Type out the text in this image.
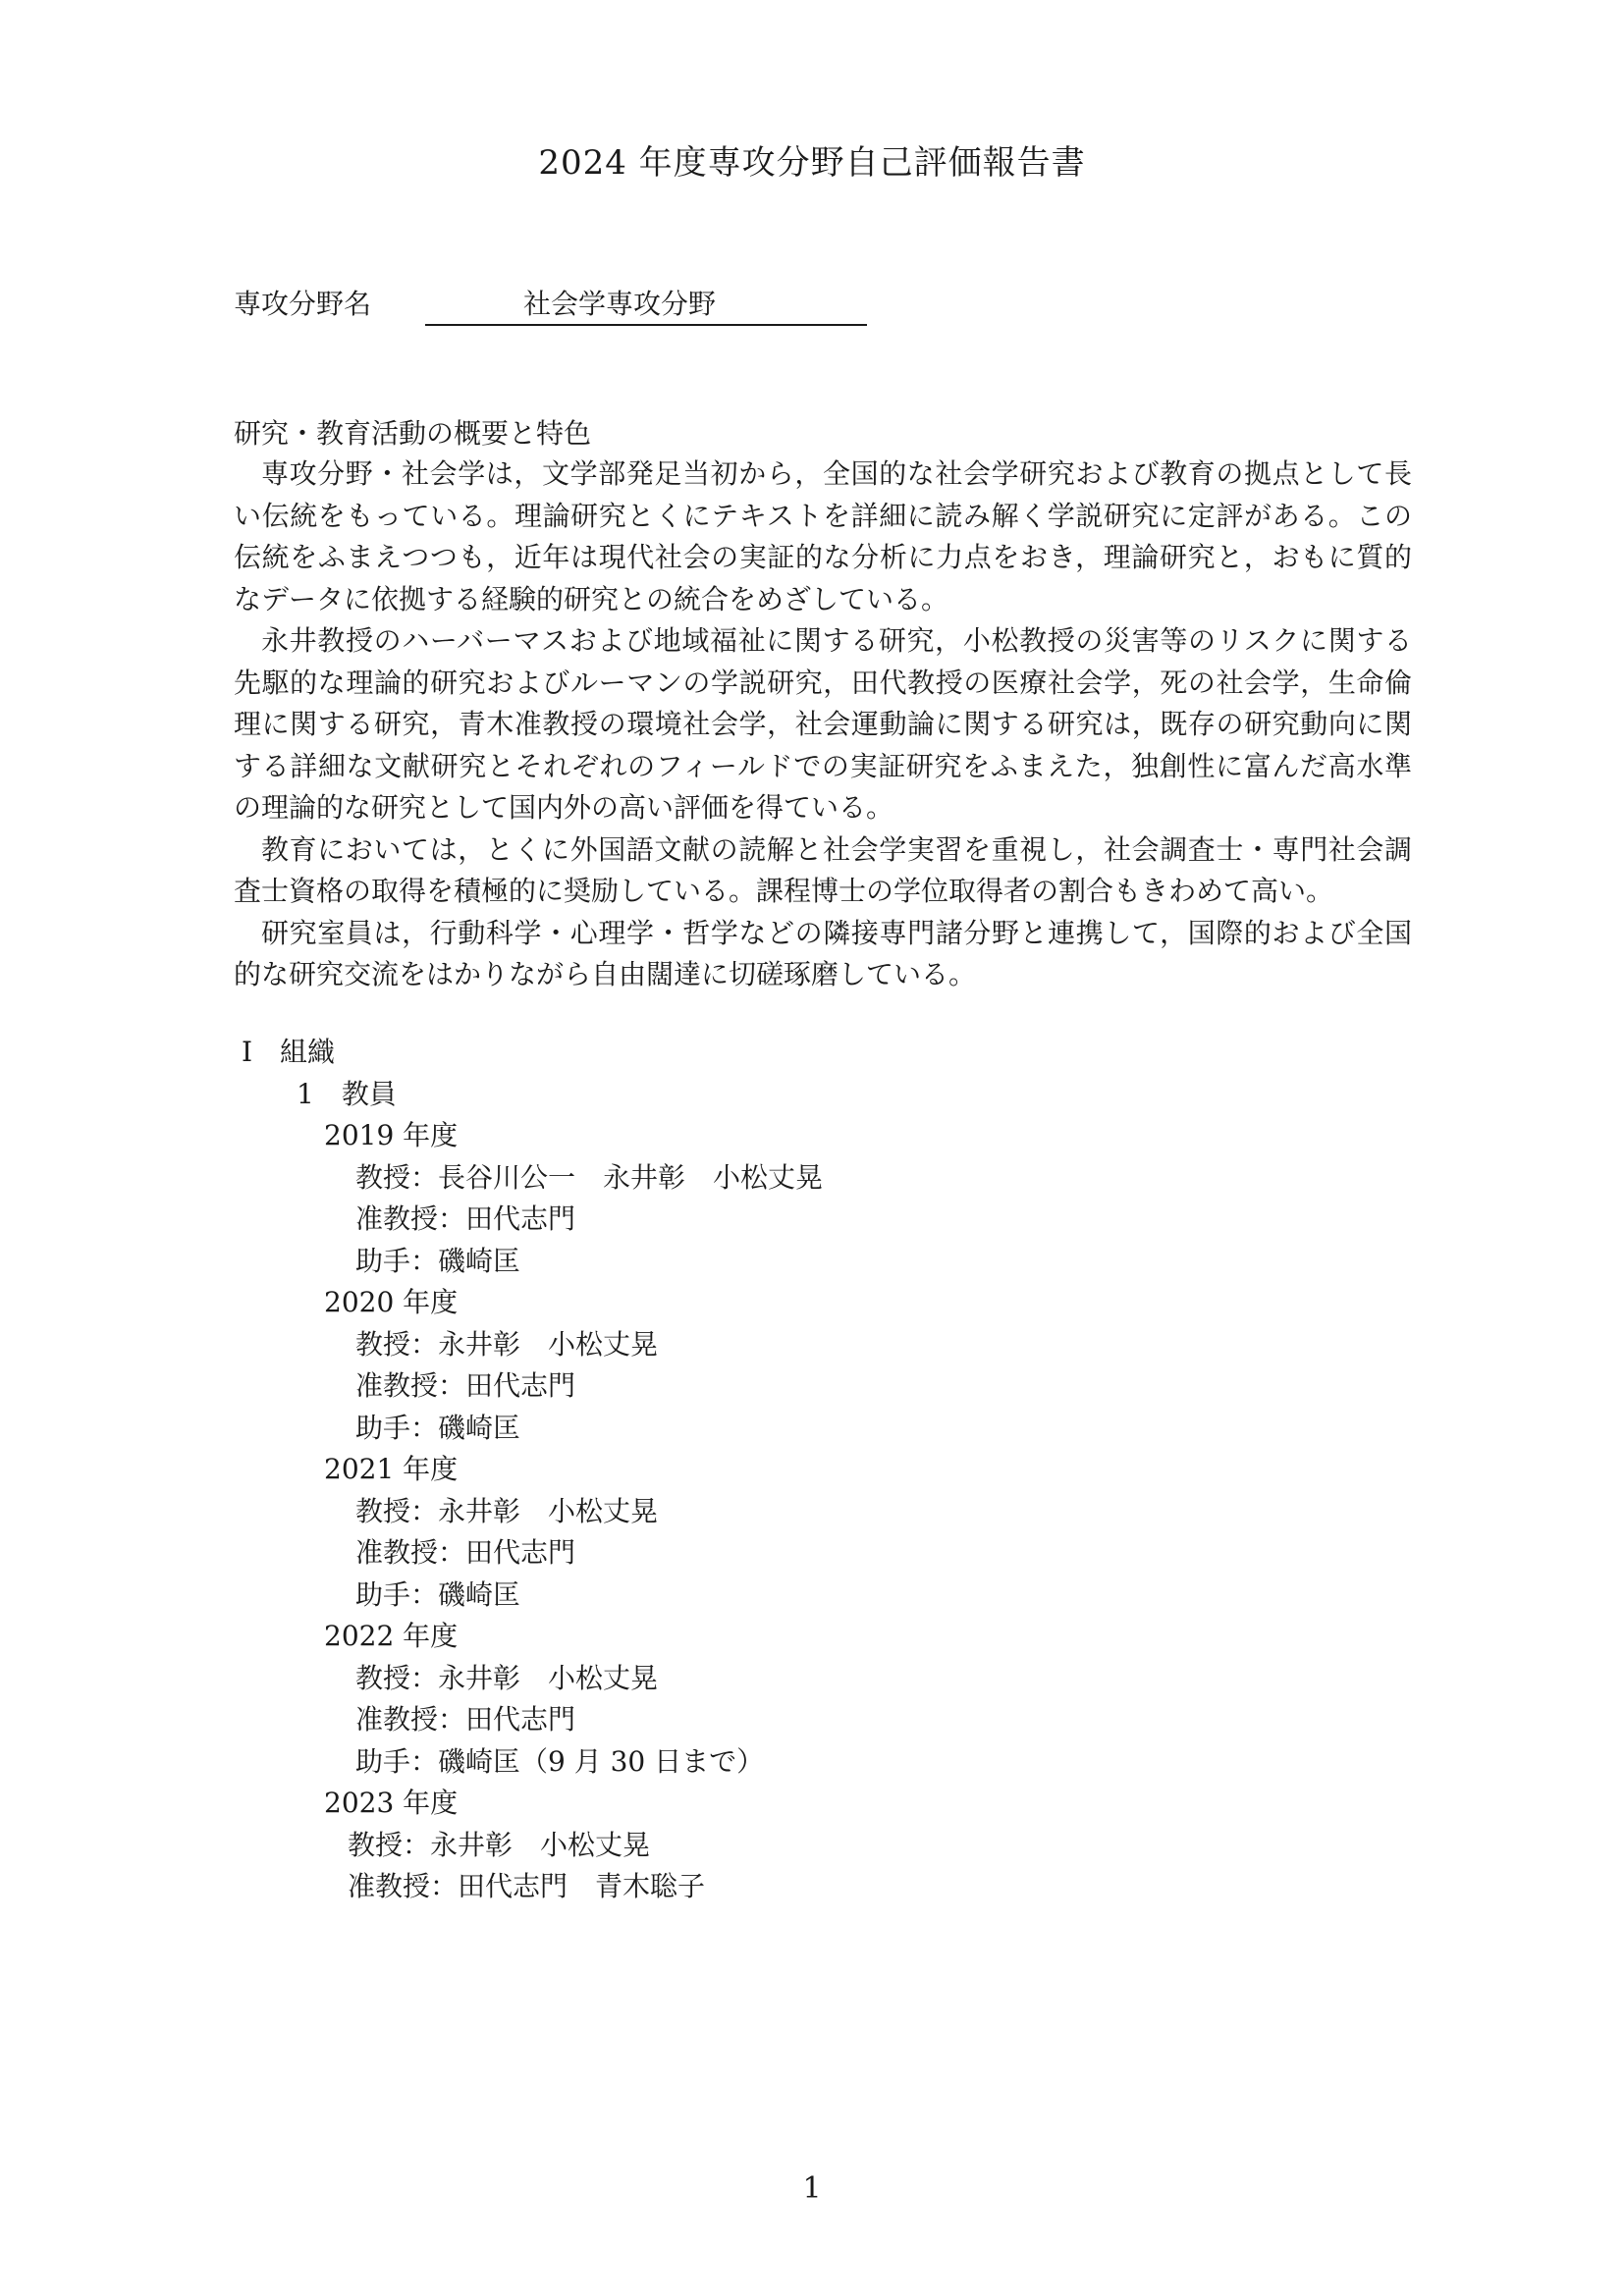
2024 年度専攻分野自己評価報告書
専攻分野名	社会学専攻分野
研究・教育活動の概要と特色

専攻分野・社会学は，文学部発足当初から，全国的な社会学研究および教育の拠点として長い伝統をもっている。理論研究とくにテキストを詳細に読み解く学説研究に定評がある。この伝統をふまえつつも，近年は現代社会の実証的な分析に力点をおき，理論研究と，おもに質的なデータに依拠する経験的研究との統合をめざしている。

永井教授のハーバーマスおよび地域福祉に関する研究，小松教授の災害等のリスクに関する先駆的な理論的研究およびルーマンの学説研究，田代教授の医療社会学，死の社会学，生命倫理に関する研究，青木准教授の環境社会学，社会運動論に関する研究は，既存の研究動向に関する詳細な文献研究とそれぞれのフィールドでの実証研究をふまえた，独創性に富んだ高水準の理論的な研究として国内外の高い評価を得ている。

教育においては，とくに外国語文献の読解と社会学実習を重視し，社会調査士・専門社会調査士資格の取得を積極的に奨励している。課程博士の学位取得者の割合もきわめて高い。

研究室員は，行動科学・心理学・哲学などの隣接専門諸分野と連携して，国際的および全国的な研究交流をはかりながら自由闊達に切磋琢磨している。

Ⅰ　組織
1　教員
2019 年度
教授：長谷川公一　永井彰　小松丈晃
准教授：田代志門
助手：磯崎匡
2020 年度
教授：永井彰　小松丈晃
准教授：田代志門
助手：磯崎匡
2021 年度
教授：永井彰　小松丈晃
准教授：田代志門
助手：磯崎匡
2022 年度
教授：永井彰　小松丈晃
准教授：田代志門
助手：磯崎匡（9 月 30 日まで）
2023 年度
教授：永井彰　小松丈晃
准教授：田代志門　青木聡子
1
